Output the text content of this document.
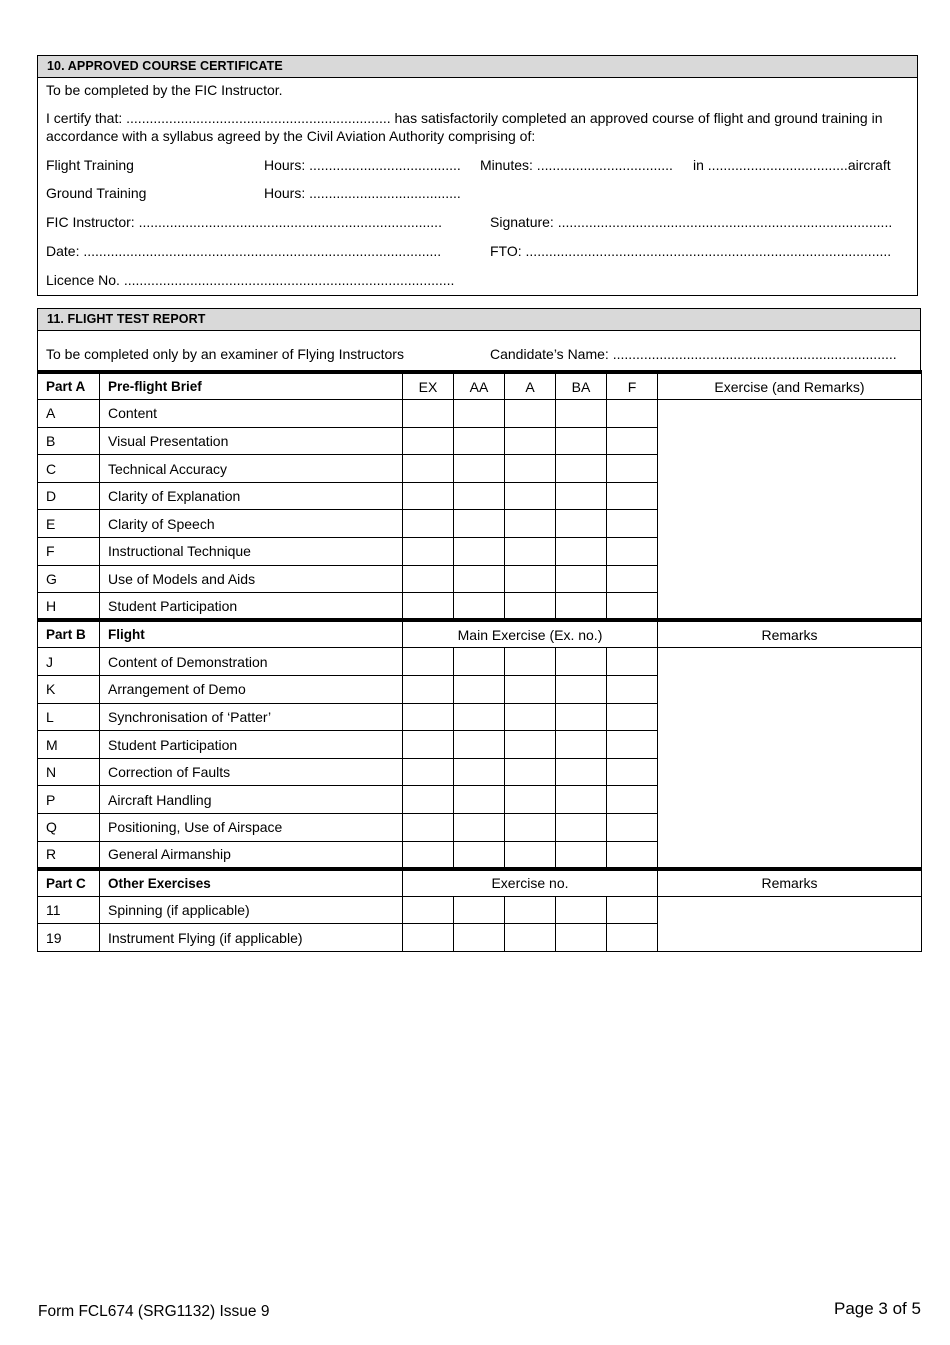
10. APPROVED COURSE CERTIFICATE
To be completed by the FIC Instructor.
I certify that: .................................................................... has satisfactorily completed an approved course of flight and ground training in accordance with a syllabus agreed by the Civil Aviation Authority comprising of:
Flight Training	Hours: ....................................... Minutes: ................................... in ....................................aircraft
Ground Training	Hours: .......................................
FIC Instructor: ..............................................................................	Signature: ......................................................................................
Date: ............................................................................................	FTO: ..............................................................................................
Licence No. .....................................................................................
11. FLIGHT TEST REPORT
To be completed only by an examiner of Flying Instructors	Candidate’s Name: .........................................................................
Part A	Pre-flight Brief	EX	AA	A	BA	F	Exercise (and Remarks)
A	Content						
B	Visual Presentation						
C	Technical Accuracy						
D	Clarity of Explanation						
E	Clarity of Speech						
F	Instructional Technique						
G	Use of Models and Aids						
H	Student Participation						
Part B	Flight	Main Exercise (Ex. no.)					Remarks
J	Content of Demonstration						
K	Arrangement of Demo						
L	Synchronisation of ‘Patter’						
M	Student Participation						
N	Correction of Faults						
P	Aircraft Handling						
Q	Positioning, Use of Airspace						
R	General Airmanship						
Part C	Other Exercises	Exercise no.					Remarks
11	Spinning (if applicable)						
19	Instrument Flying (if applicable)						
Form FCL674 (SRG1132) Issue 9	Page 3 of 5
